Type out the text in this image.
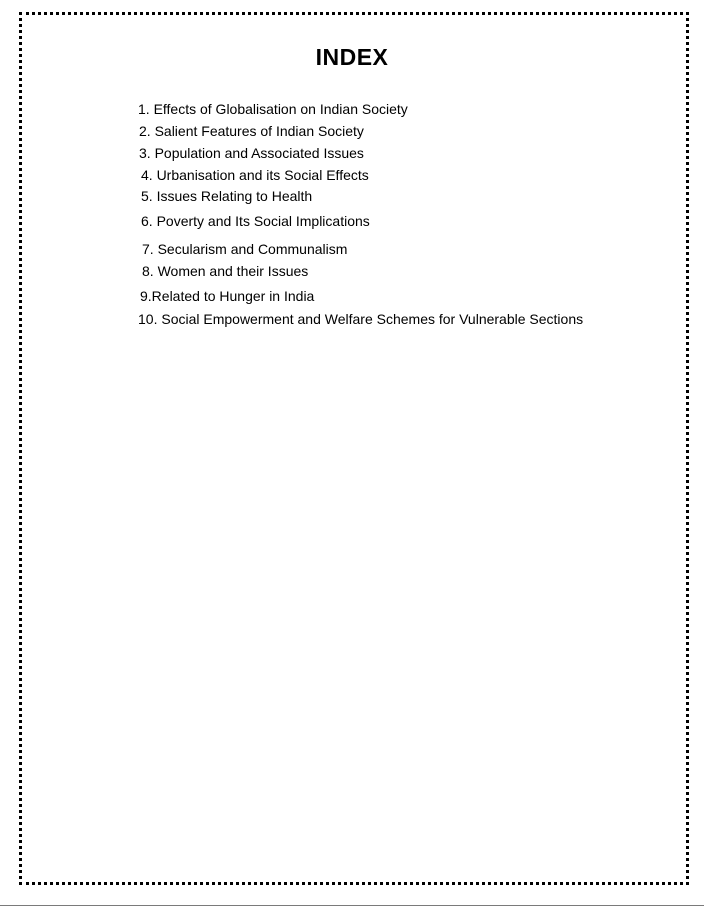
INDEX
1. Effects of Globalisation on Indian Society
2. Salient Features of Indian Society
3. Population and Associated Issues
4. Urbanisation and its Social Effects
5. Issues Relating to Health
6. Poverty and Its Social Implications
7. Secularism and Communalism
8. Women and their Issues
9.Related to Hunger in India
10. Social Empowerment and Welfare Schemes for Vulnerable Sections
